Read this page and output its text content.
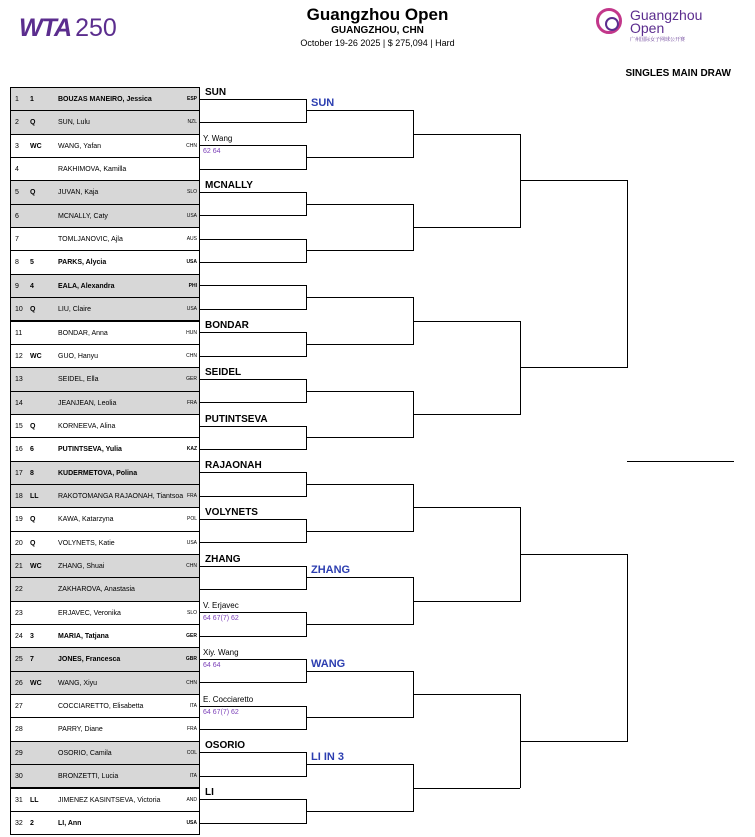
WTA 250	Guangzhou Open
GUANGZHOU, CHN
October 19-26 2025 | $ 275,094 | Hard
Guangzhou
Open
广州国际女子网球公开赛
SINGLES MAIN DRAW
1 1	BOUZAS MANEIRO, Jessica	ESP
2 Q	SUN, Lulu	NZL
3 WC WANG, Yafan	CHN
4	RAKHIMOVA, Kamilla
5 Q	JUVAN, Kaja	SLO
6	MCNALLY, Caty	USA
7	TOMLJANOVIC, Ajla	AUS
8 5	PARKS, Alycia	USA
9 4	EALA, Alexandra	PHI
10 Q	LIU, Claire	USA
11	BONDAR, Anna	HUN
12 WC GUO, Hanyu	CHN
13	SEIDEL, Ella	GER
14	JEANJEAN, Leolia	FRA
15 Q	KORNEEVA, Alina
16 6	PUTINTSEVA, Yulia	KAZ
17 8	KUDERMETOVA, Polina
18 LL	RAKOTOMANGA RAJAONAH, Tiantsoa FRA
19 Q	KAWA, Katarzyna	POL
20 Q	VOLYNETS, Katie	USA
21 WC ZHANG, Shuai	CHN
22	ZAKHAROVA, Anastasia
23	ERJAVEC, Veronika	SLO
24 3	MARIA, Tatjana	GER
25 7	JONES, Francesca	GBR
26 WC WANG, Xiyu	CHN
27	COCCIARETTO, Elisabetta	ITA
28	PARRY, Diane	FRA
29	OSORIO, Camila	COL
30	BRONZETTI, Lucia	ITA
31 LL	JIMENEZ KASINTSEVA, Victoria	AND
32 2	LI, Ann	USA
SUN
Y. Wang
62 64
MCNALLY
BONDAR
SEIDEL
PUTINTSEVA
RAJAONAH
VOLYNETS
ZHANG
V. Erjavec
64 67(7) 62
Xiy. Wang
64 64
E. Cocciaretto
64 67(7) 62
OSORIO
LI
SUN
ZHANG
WANG
LI IN 3
